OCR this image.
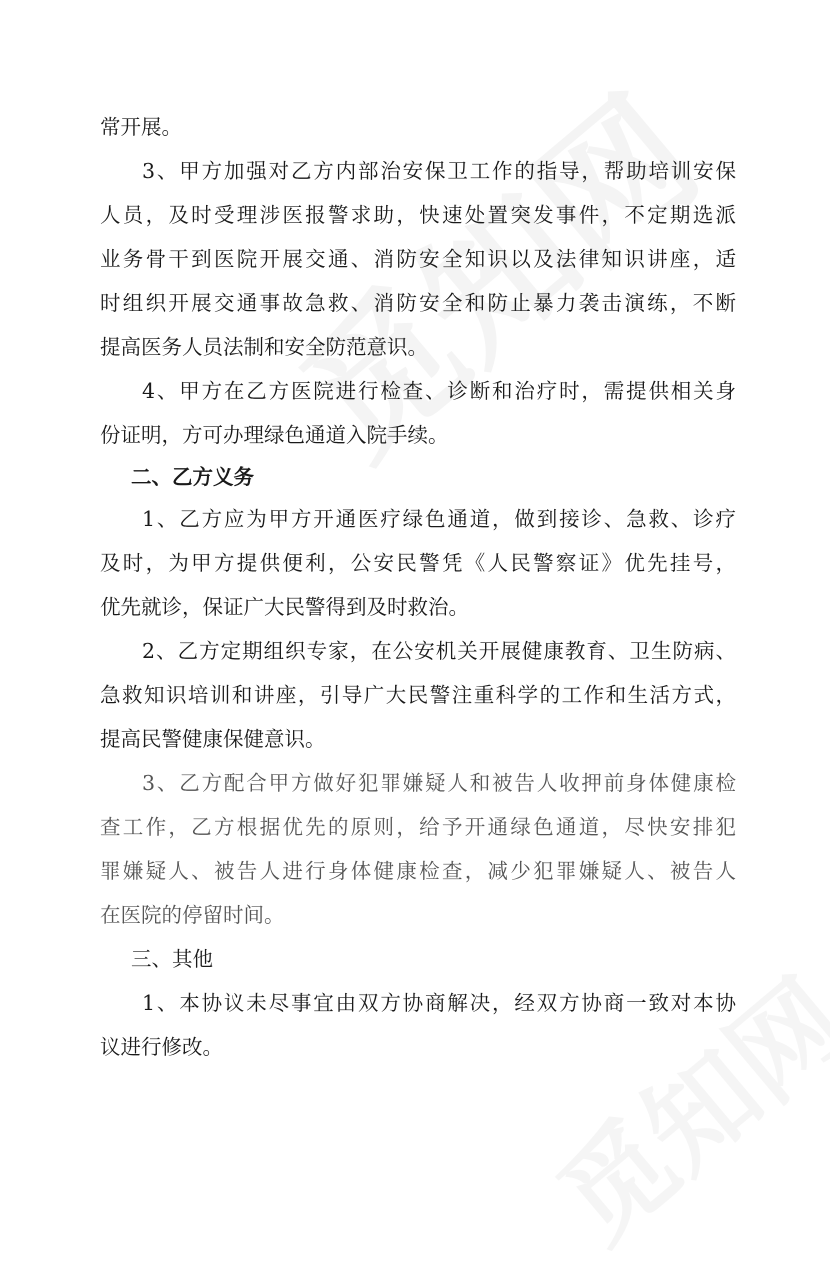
常开展。

3、甲方加强对乙方内部治安保卫工作的指导，帮助培训安保

人员，及时受理涉医报警求助，快速处置突发事件，不定期选派

业务骨干到医院开展交通、消防安全知识以及法律知识讲座，适

时组织开展交通事故急救、消防安全和防止暴力袭击演练，不断

提高医务人员法制和安全防范意识。

4、甲方在乙方医院进行检查、诊断和治疗时，需提供相关身

份证明，方可办理绿色通道入院手续。

二、乙方义务

1、乙方应为甲方开通医疗绿色通道，做到接诊、急救、诊疗

及时，为甲方提供便利，公安民警凭《人民警察证》优先挂号，

优先就诊，保证广大民警得到及时救治。

2、乙方定期组织专家，在公安机关开展健康教育、卫生防病、

急救知识培训和讲座，引导广大民警注重科学的工作和生活方式，

提高民警健康保健意识。

3、乙方配合甲方做好犯罪嫌疑人和被告人收押前身体健康检

查工作，乙方根据优先的原则，给予开通绿色通道，尽快安排犯

罪嫌疑人、被告人进行身体健康检查，减少犯罪嫌疑人、被告人

在医院的停留时间。

三、其他

1、本协议未尽事宜由双方协商解决，经双方协商一致对本协

议进行修改。
